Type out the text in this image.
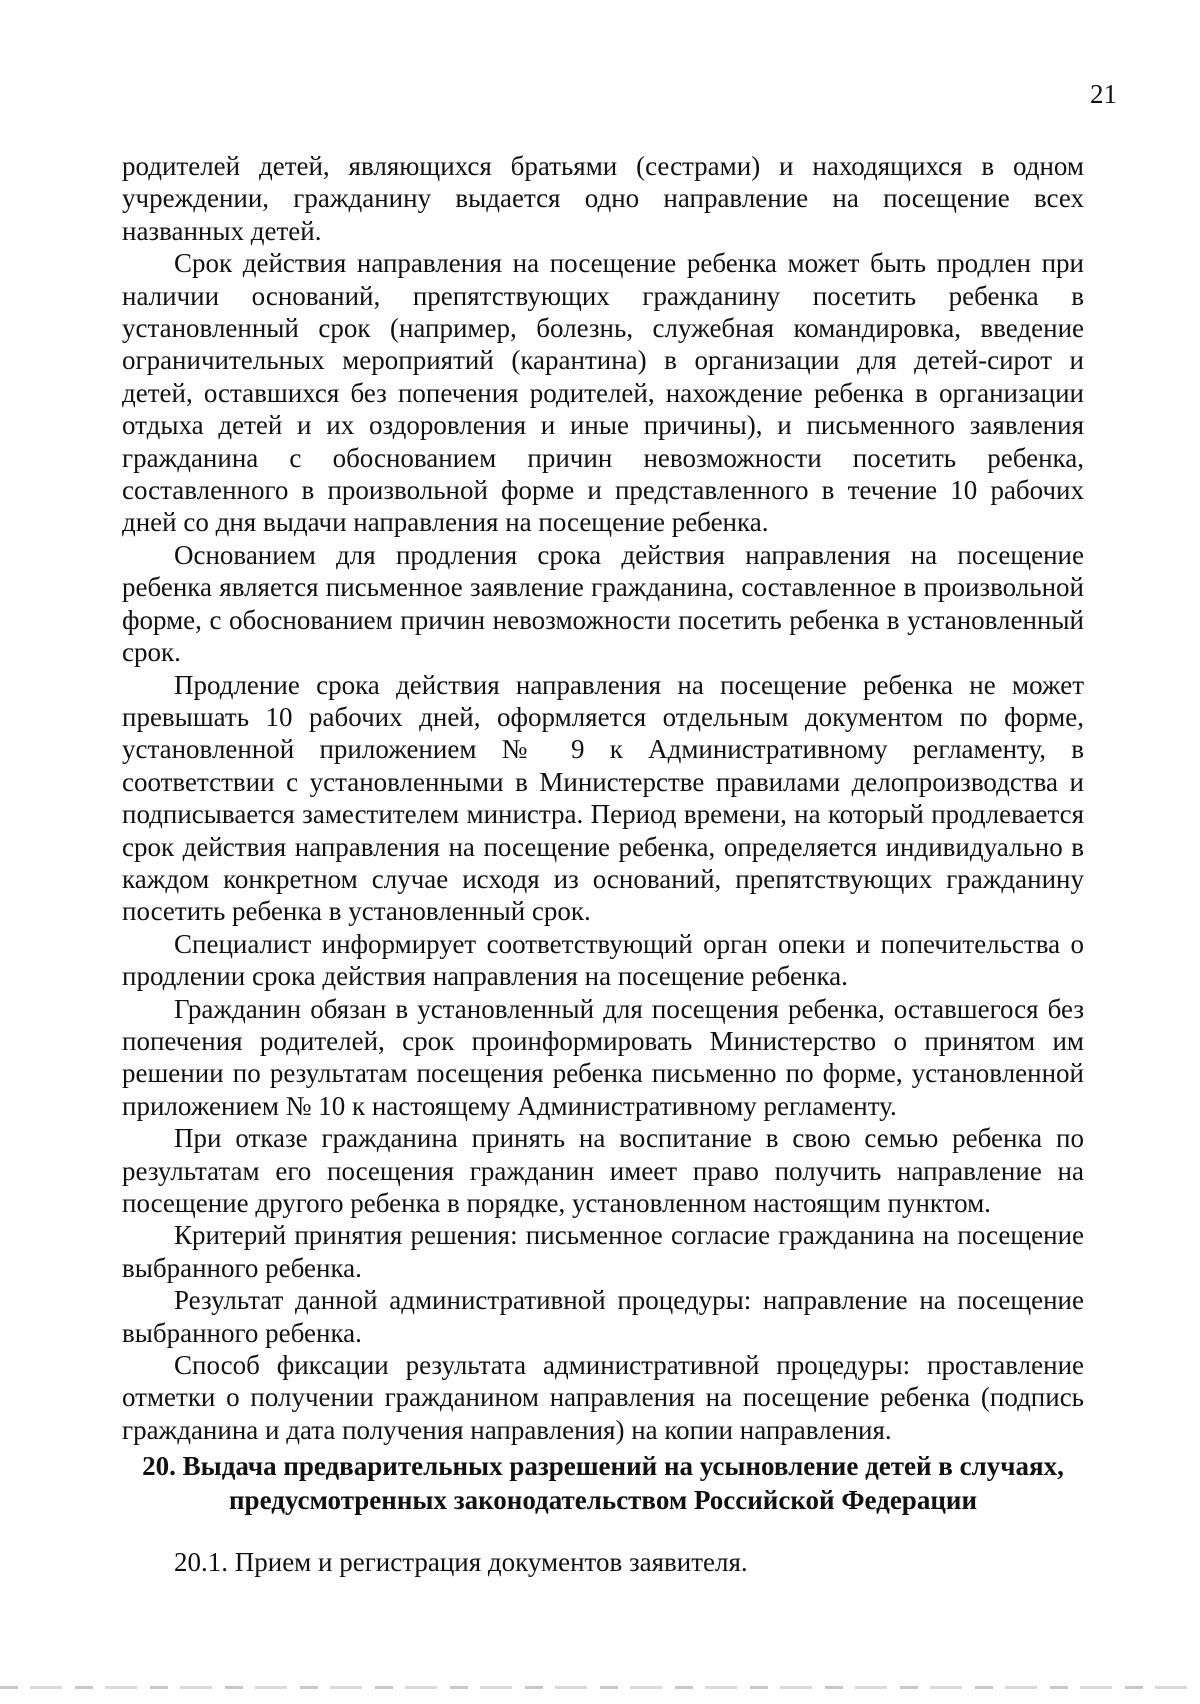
21

родителей детей, являющихся братьями (сестрами) и находящихся в одном учреждении, гражданину выдается одно направление на посещение всех названных детей.

Срок действия направления на посещение ребенка может быть продлен при наличии оснований, препятствующих гражданину посетить ребенка в установленный срок (например, болезнь, служебная командировка, введение ограничительных мероприятий (карантина) в организации для детей-сирот и детей, оставшихся без попечения родителей, нахождение ребенка в организации отдыха детей и их оздоровления и иные причины), и письменного заявления гражданина с обоснованием причин невозможности посетить ребенка, составленного в произвольной форме и представленного в течение 10 рабочих дней со дня выдачи направления на посещение ребенка.

Основанием для продления срока действия направления на посещение ребенка является письменное заявление гражданина, составленное в произвольной форме, с обоснованием причин невозможности посетить ребенка в установленный срок.

Продление срока действия направления на посещение ребенка не может превышать 10 рабочих дней, оформляется отдельным документом по форме, установленной приложением № 9 к Административному регламенту, в соответствии с установленными в Министерстве правилами делопроизводства и подписывается заместителем министра. Период времени, на который продлевается срок действия направления на посещение ребенка, определяется индивидуально в каждом конкретном случае исходя из оснований, препятствующих гражданину посетить ребенка в установленный срок.

Специалист информирует соответствующий орган опеки и попечительства о продлении срока действия направления на посещение ребенка.

Гражданин обязан в установленный для посещения ребенка, оставшегося без попечения родителей, срок проинформировать Министерство о принятом им решении по результатам посещения ребенка письменно по форме, установленной приложением № 10 к настоящему Административному регламенту.

При отказе гражданина принять на воспитание в свою семью ребенка по результатам его посещения гражданин имеет право получить направление на посещение другого ребенка в порядке, установленном настоящим пунктом.

Критерий принятия решения: письменное согласие гражданина на посещение выбранного ребенка.

Результат данной административной процедуры: направление на посещение выбранного ребенка.

Способ фиксации результата административной процедуры: проставление отметки о получении гражданином направления на посещение ребенка (подпись гражданина и дата получения направления) на копии направления.

20. Выдача предварительных разрешений на усыновление детей в случаях, предусмотренных законодательством Российской Федерации

20.1. Прием и регистрация документов заявителя.
